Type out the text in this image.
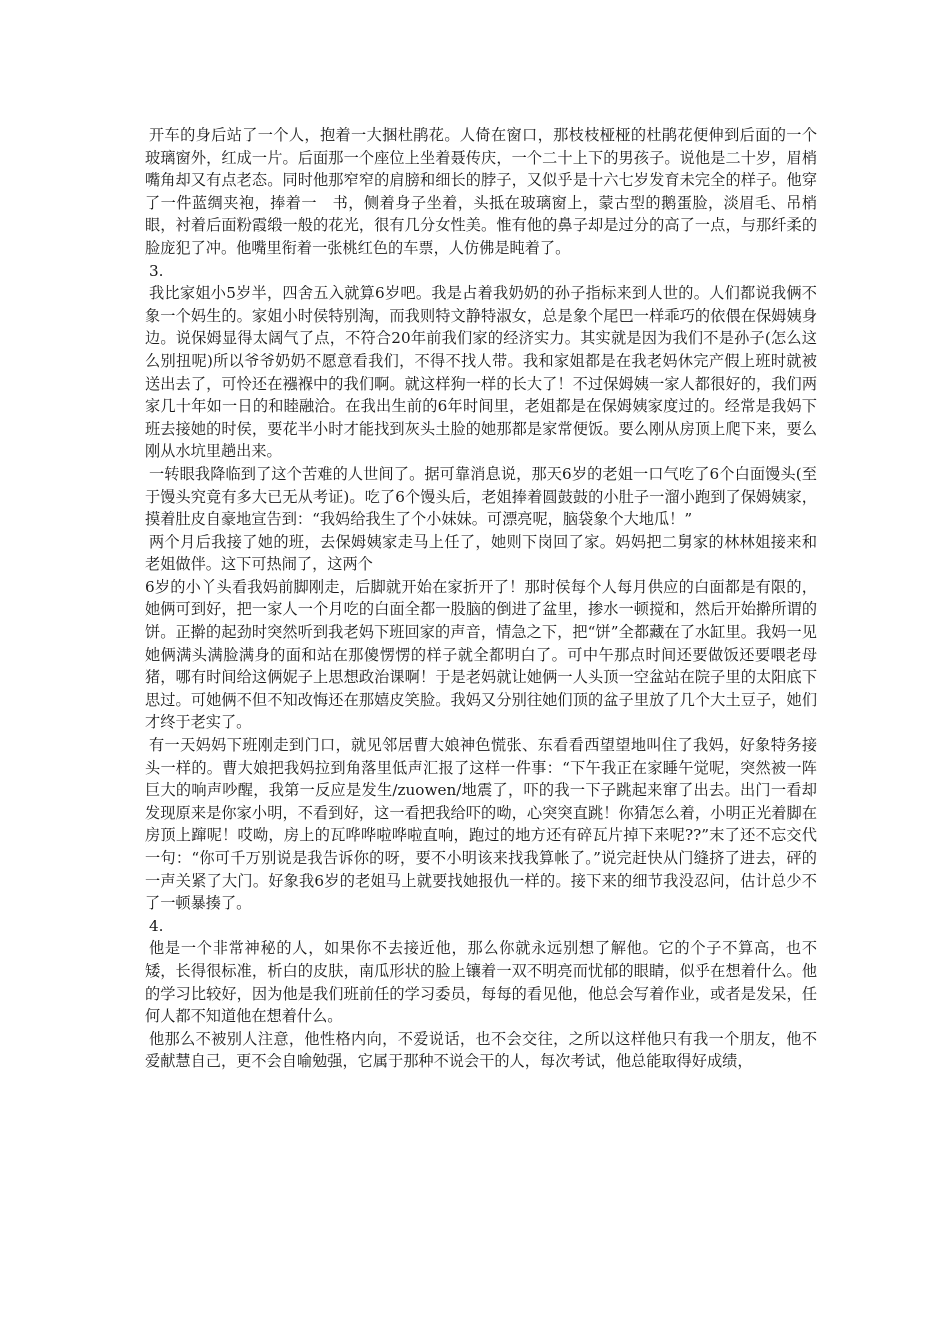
开车的身后站了一个人，抱着一大捆杜鹃花。人倚在窗口，那枝枝桠桠的杜鹃花便伸到后面的一个玻璃窗外，红成一片。后面那一个座位上坐着聂传庆，一个二十上下的男孩子。说他是二十岁，眉梢嘴角却又有点老态。同时他那窄窄的肩膀和细长的脖子，又似乎是十六七岁发育未完全的样子。他穿了一件蓝绸夹袍，捧着一　书，侧着身子坐着，头抵在玻璃窗上，蒙古型的鹅蛋脸，淡眉毛、吊梢眼，衬着后面粉霞缎一般的花光，很有几分女性美。惟有他的鼻子却是过分的高了一点，与那纤柔的脸庞犯了冲。他嘴里衔着一张桃红色的车票，人仿佛是盹着了。

3.

我比家姐小5岁半，四舍五入就算6岁吧。我是占着我奶奶的孙子指标来到人世的。人们都说我俩不象一个妈生的。家姐小时侯特别淘，而我则特文静特淑女，总是象个尾巴一样乖巧的依偎在保姆姨身边。说保姆显得太阔气了点，不符合20年前我们家的经济实力。其实就是因为我们不是孙子(怎么这么别扭呢)所以爷爷奶奶不愿意看我们，不得不找人带。我和家姐都是在我老妈休完产假上班时就被送出去了，可怜还在襁褓中的我们啊。就这样狗一样的长大了！不过保姆姨一家人都很好的，我们两家几十年如一日的和睦融洽。在我出生前的6年时间里，老姐都是在保姆姨家度过的。经常是我妈下班去接她的时侯，要花半小时才能找到灰头土脸的她那都是家常便饭。要么刚从房顶上爬下来，要么刚从水坑里趟出来。

一转眼我降临到了这个苦难的人世间了。据可靠消息说，那天6岁的老姐一口气吃了6个白面馒头(至于馒头究竟有多大已无从考证)。吃了6个馒头后，老姐捧着圆鼓鼓的小肚子一溜小跑到了保姆姨家，摸着肚皮自豪地宣告到：“我妈给我生了个小妹妹。可漂亮呢，脑袋象个大地瓜！”

两个月后我接了她的班，去保姆姨家走马上任了，她则下岗回了家。妈妈把二舅家的林林姐接来和老姐做伴。这下可热闹了，这两个

6岁的小丫头看我妈前脚刚走，后脚就开始在家折开了！那时侯每个人每月供应的白面都是有限的，她俩可到好，把一家人一个月吃的白面全都一股脑的倒进了盆里，掺水一顿搅和，然后开始擀所谓的饼。正擀的起劲时突然听到我老妈下班回家的声音，情急之下，把“饼”全都藏在了水缸里。我妈一见她俩满头满脸满身的面和站在那傻愣愣的样子就全都明白了。可中午那点时间还要做饭还要喂老母猪，哪有时间给这俩妮子上思想政治课啊！于是老妈就让她俩一人头顶一空盆站在院子里的太阳底下思过。可她俩不但不知改悔还在那嬉皮笑脸。我妈又分别往她们顶的盆子里放了几个大土豆子，她们才终于老实了。

有一天妈妈下班刚走到门口，就见邻居曹大娘神色慌张、东看看西望望地叫住了我妈，好象特务接头一样的。曹大娘把我妈拉到角落里低声汇报了这样一件事：“下午我正在家睡午觉呢，突然被一阵巨大的响声吵醒，我第一反应是发生/zuowen/地震了，吓的我一下子跳起来窜了出去。出门一看却发现原来是你家小明，不看到好，这一看把我给吓的呦，心突突直跳！你猜怎么着，小明正光着脚在房顶上蹿呢！哎呦，房上的瓦哗哗啦哗啦直响，跑过的地方还有碎瓦片掉下来呢??”末了还不忘交代一句：“你可千万别说是我告诉你的呀，要不小明该来找我算帐了。”说完赶快从门缝挤了进去，砰的一声关紧了大门。好象我6岁的老姐马上就要找她报仇一样的。接下来的细节我没忍问，估计总少不了一顿暴揍了。

4.

他是一个非常神秘的人，如果你不去接近他，那么你就永远别想了解他。它的个子不算高，也不矮，长得很标准，析白的皮肤，南瓜形状的脸上镶着一双不明亮而忧郁的眼睛，似乎在想着什么。他的学习比较好，因为他是我们班前任的学习委员，每每的看见他，他总会写着作业，或者是发呆，任何人都不知道他在想着什么。

他那么不被别人注意，他性格内向，不爱说话，也不会交往，之所以这样他只有我一个朋友，他不爱献慧自己，更不会自喻勉强，它属于那种不说会干的人，每次考试，他总能取得好成绩，
